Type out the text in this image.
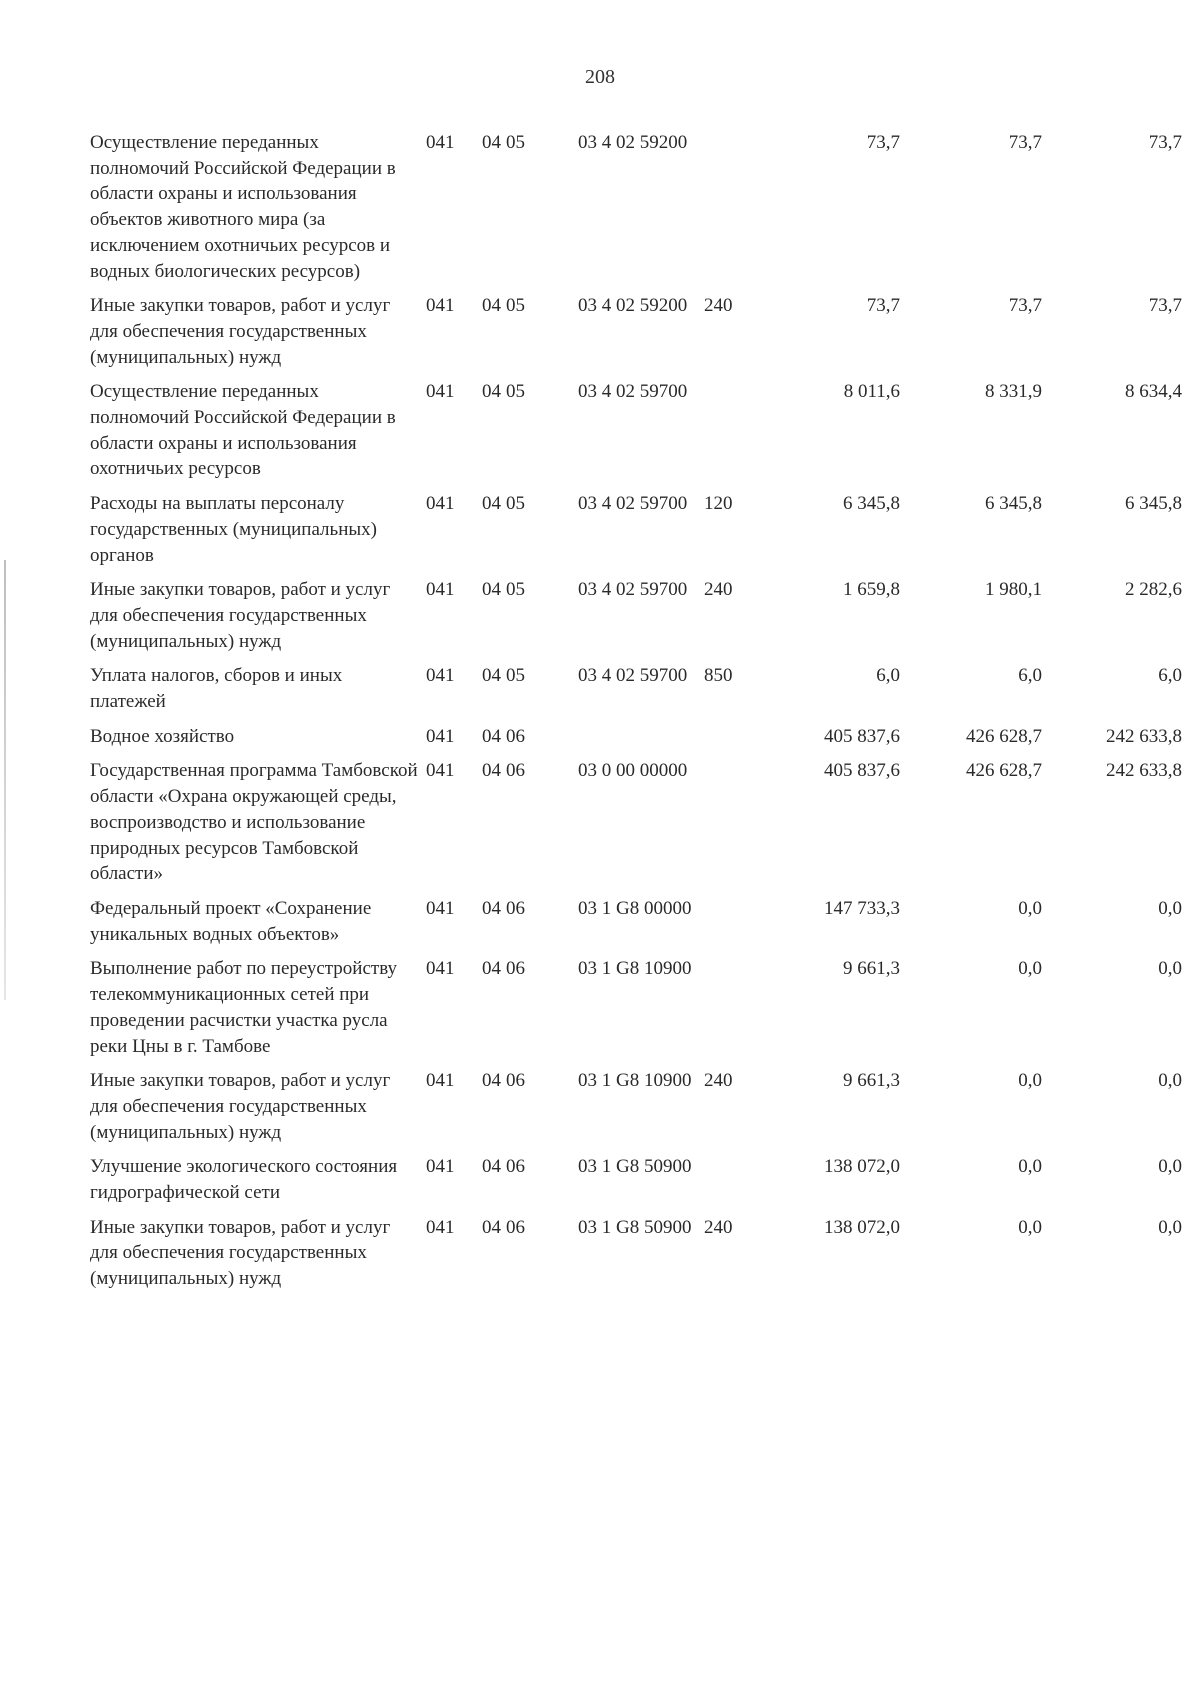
208
Осуществление переданных полномочий Российской Федерации в области охраны и использования объектов животного мира (за исключением охотничьих ресурсов и водных биологических ресурсов)	041	04	05	03 4 02 59200		73,7	73,7	73,7
Иные закупки товаров, работ и услуг для обеспечения государственных (муниципальных) нужд	041	04	05	03 4 02 59200	240	73,7	73,7	73,7
Осуществление переданных полномочий Российской Федерации в области охраны и использования охотничьих ресурсов	041	04	05	03 4 02 59700		8 011,6	8 331,9	8 634,4
Расходы на выплаты персоналу государственных (муниципальных) органов	041	04	05	03 4 02 59700	120	6 345,8	6 345,8	6 345,8
Иные закупки товаров, работ и услуг для обеспечения государственных (муниципальных) нужд	041	04	05	03 4 02 59700	240	1 659,8	1 980,1	2 282,6
Уплата налогов, сборов и иных платежей	041	04	05	03 4 02 59700	850	6,0	6,0	6,0
Водное хозяйство	041	04	06			405 837,6	426 628,7	242 633,8
Государственная программа Тамбовской области «Охрана окружающей среды, воспроизводство и использование природных ресурсов Тамбовской области»	041	04	06	03 0 00 00000		405 837,6	426 628,7	242 633,8
Федеральный проект «Сохранение уникальных водных объектов»	041	04	06	03 1 G8 00000		147 733,3	0,0	0,0
Выполнение работ по переустройству телекоммуникационных сетей при проведении расчистки участка русла реки Цны в г. Тамбове	041	04	06	03 1 G8 10900		9 661,3	0,0	0,0
Иные закупки товаров, работ и услуг для обеспечения государственных (муниципальных) нужд	041	04	06	03 1 G8 10900	240	9 661,3	0,0	0,0
Улучшение экологического состояния гидрографической сети	041	04	06	03 1 G8 50900		138 072,0	0,0	0,0
Иные закупки товаров, работ и услуг для обеспечения государственных (муниципальных) нужд	041	04	06	03 1 G8 50900	240	138 072,0	0,0	0,0
